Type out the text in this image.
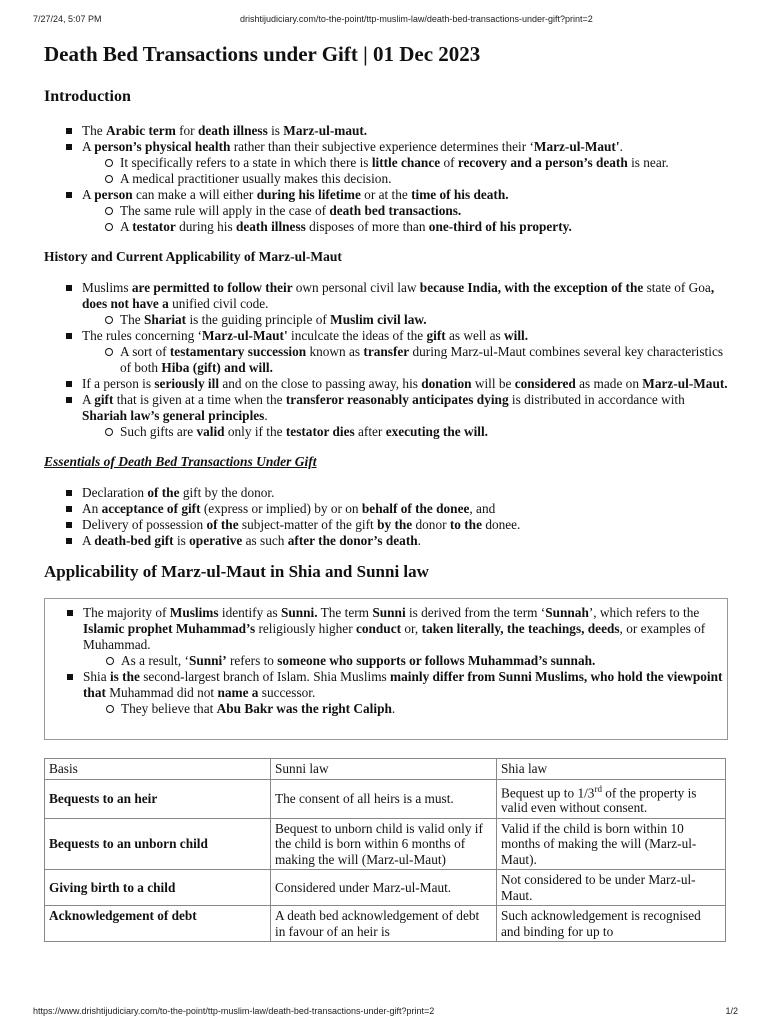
7/27/24, 5:07 PM	drishtijudiciary.com/to-the-point/ttp-muslim-law/death-bed-transactions-under-gift?print=2
Death Bed Transactions under Gift | 01 Dec 2023
Introduction
The Arabic term for death illness is Marz-ul-maut.
A person’s physical health rather than their subjective experience determines their ‘Marz-ul-Maut'.
It specifically refers to a state in which there is little chance of recovery and a person’s death is near.
A medical practitioner usually makes this decision.
A person can make a will either during his lifetime or at the time of his death.
The same rule will apply in the case of death bed transactions.
A testator during his death illness disposes of more than one-third of his property.
History and Current Applicability of Marz-ul-Maut
Muslims are permitted to follow their own personal civil law because India, with the exception of the state of Goa, does not have a unified civil code.
The Shariat is the guiding principle of Muslim civil law.
The rules concerning ‘Marz-ul-Maut' inculcate the ideas of the gift as well as will.
A sort of testamentary succession known as transfer during Marz-ul-Maut combines several key characteristics of both Hiba (gift) and will.
If a person is seriously ill and on the close to passing away, his donation will be considered as made on Marz-ul-Maut.
A gift that is given at a time when the transferor reasonably anticipates dying is distributed in accordance with Shariah law’s general principles.
Such gifts are valid only if the testator dies after executing the will.
Essentials of Death Bed Transactions Under Gift
Declaration of the gift by the donor.
An acceptance of gift (express or implied) by or on behalf of the donee, and
Delivery of possession of the subject-matter of the gift by the donor to the donee.
A death-bed gift is operative as such after the donor’s death.
Applicability of Marz-ul-Maut in Shia and Sunni law
The majority of Muslims identify as Sunni. The term Sunni is derived from the term ‘Sunnah’, which refers to the Islamic prophet Muhammad’s religiously higher conduct or, taken literally, the teachings, deeds, or examples of Muhammad.
As a result, ‘Sunni’ refers to someone who supports or follows Muhammad’s sunnah.
Shia is the second-largest branch of Islam. Shia Muslims mainly differ from Sunni Muslims, who hold the viewpoint that Muhammad did not name a successor.
They believe that Abu Bakr was the right Caliph.
Basis	Sunni law	Shia law
Bequests to an heir	The consent of all heirs is a must.	Bequest up to 1/3rd of the property is valid even without consent.
Bequests to an unborn child	Bequest to unborn child is valid only if the child is born within 6 months of making the will (Marz-ul-Maut)	Valid if the child is born within 10 months of making the will (Marz-ul-Maut).
Giving birth to a child	Considered under Marz-ul-Maut.	Not considered to be under Marz-ul-Maut.
Acknowledgement of debt	A death bed acknowledgement of debt in favour of an heir is	Such acknowledgement is recognised and binding for up to
https://www.drishtijudiciary.com/to-the-point/ttp-muslim-law/death-bed-transactions-under-gift?print=2	1/2
